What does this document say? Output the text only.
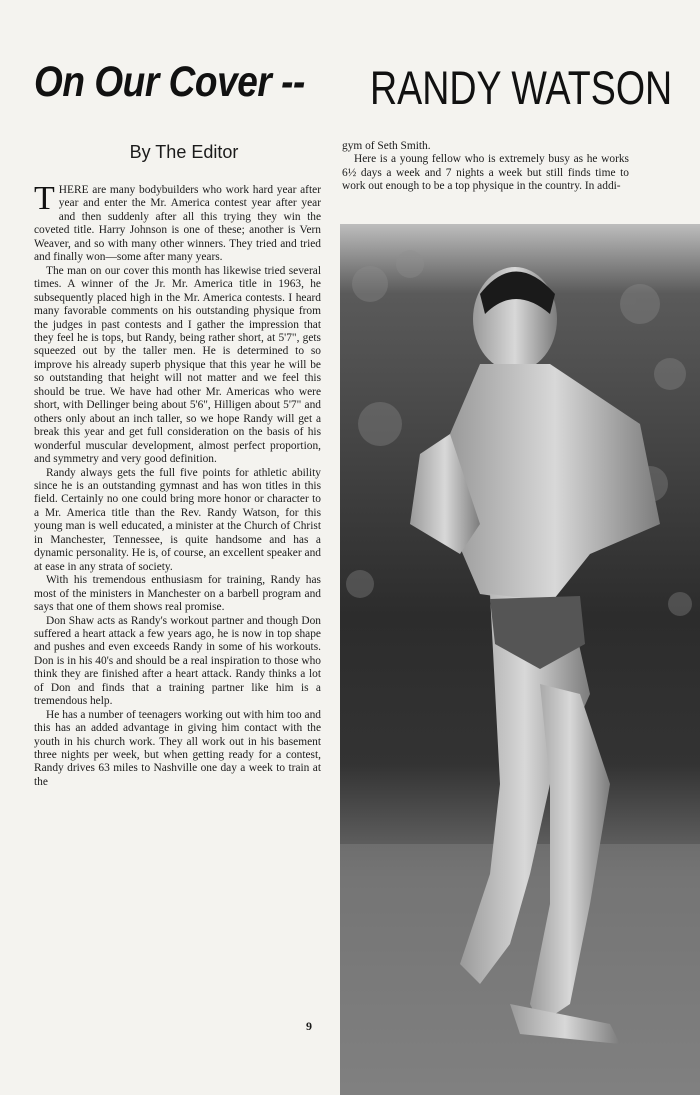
On Our Cover -- RANDY WATSON
By The Editor

THERE are many bodybuilders who work hard year after year and enter the Mr. America contest year after year and then suddenly after all this trying they win the coveted title. Harry Johnson is one of these; another is Vern Weaver, and so with many other winners. They tried and tried and finally won—some after many years.

The man on our cover this month has likewise tried several times. A winner of the Jr. Mr. America title in 1963, he subsequently placed high in the Mr. America contests. I heard many favorable comments on his outstanding physique from the judges in past contests and I gather the impression that they feel he is tops, but Randy, being rather short, at 5'7", gets squeezed out by the taller men. He is determined to so improve his already superb physique that this year he will be so outstanding that height will not matter and we feel this should be true. We have had other Mr. Americas who were short, with Dellinger being about 5'6", Hilligen about 5'7" and others only about an inch taller, so we hope Randy will get a break this year and get full consideration on the basis of his wonderful muscular development, almost perfect proportion, and symmetry and very good definition.

Randy always gets the full five points for athletic ability since he is an outstanding gymnast and has won titles in this field. Certainly no one could bring more honor or character to a Mr. America title than the Rev. Randy Watson, for this young man is well educated, a minister at the Church of Christ in Manchester, Tennessee, is quite handsome and has a dynamic personality. He is, of course, an excellent speaker and at ease in any strata of society.

With his tremendous enthusiasm for training, Randy has most of the ministers in Manchester on a barbell program and says that one of them shows real promise.

Don Shaw acts as Randy's workout partner and though Don suffered a heart attack a few years ago, he is now in top shape and pushes and even exceeds Randy in some of his workouts. Don is in his 40's and should be a real inspiration to those who think they are finished after a heart attack. Randy thinks a lot of Don and finds that a training partner like him is a tremendous help.

He has a number of teenagers working out with him too and this has an added advantage in giving him contact with the youth in his church work. They all work out in his basement three nights per week, but when getting ready for a contest, Randy drives 63 miles to Nashville one day a week to train at the

gym of Seth Smith.

Here is a young fellow who is extremely busy as he works 6½ days a week and 7 nights a week but still finds time to work out enough to be a top physique in the country. In addi-

9
